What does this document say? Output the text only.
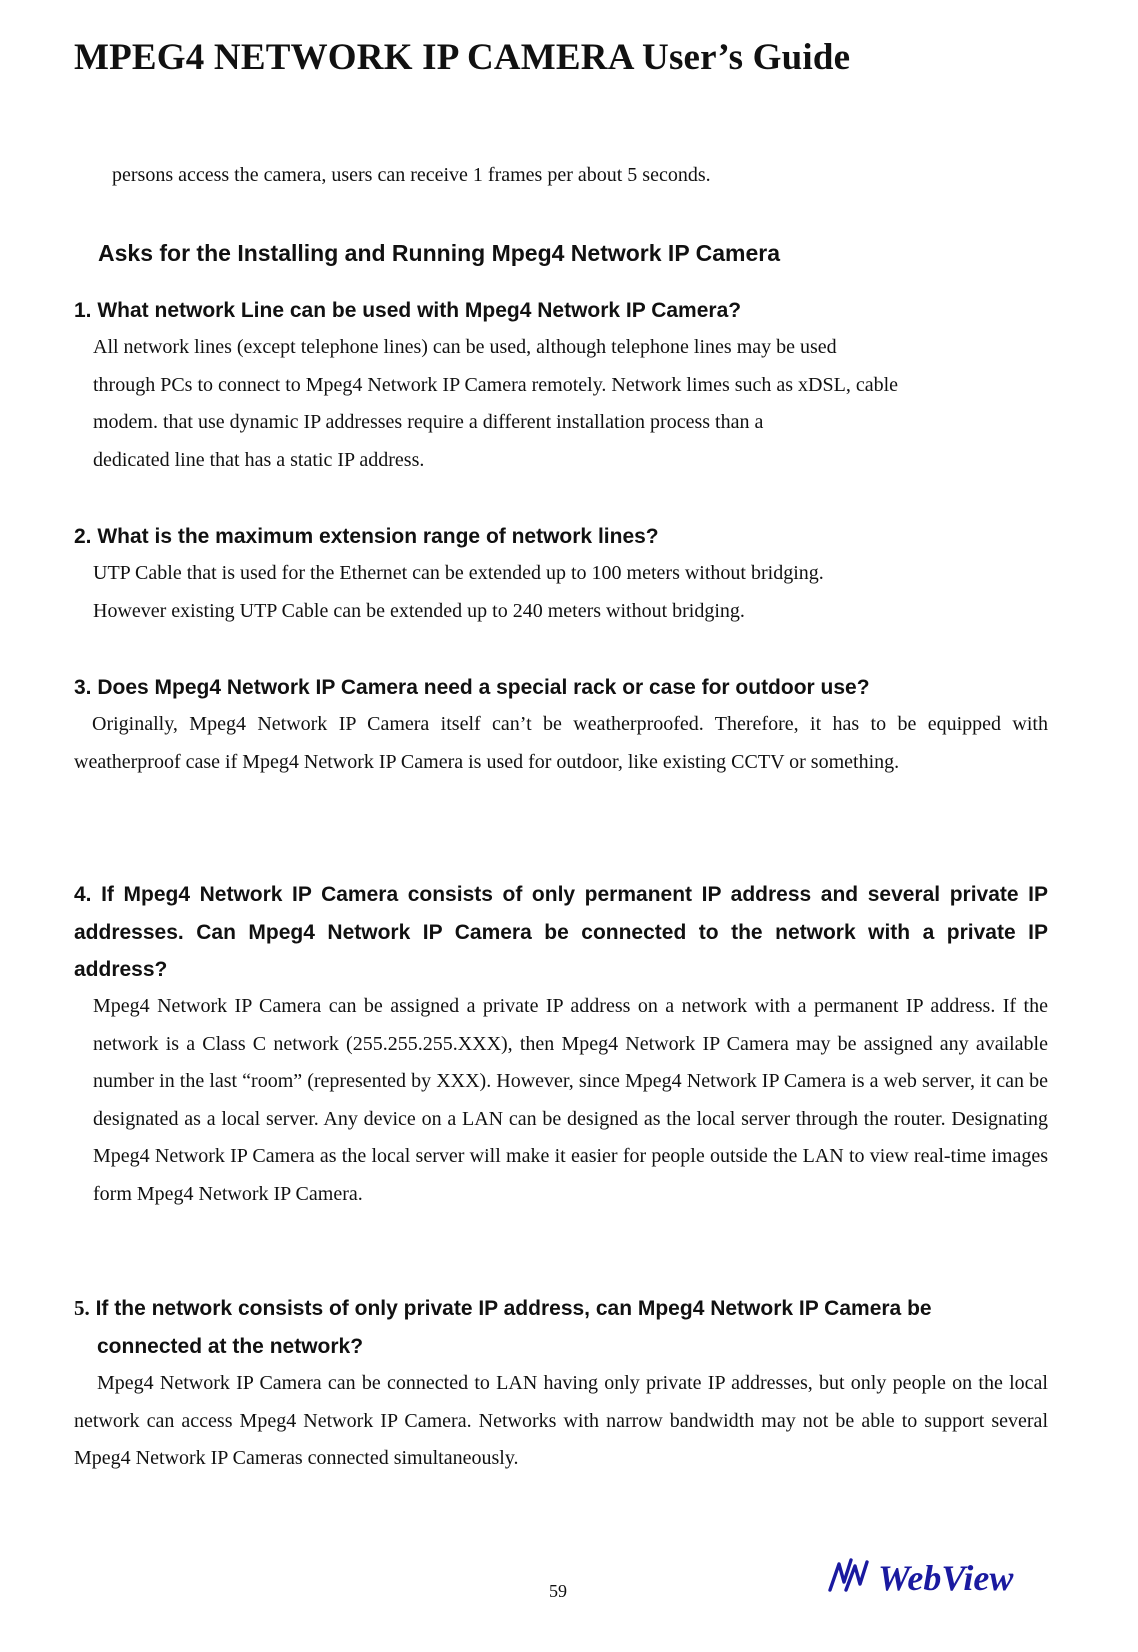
MPEG4 NETWORK IP CAMERA User’s Guide
persons access the camera, users can receive 1 frames per about 5 seconds.
Asks for the Installing and Running Mpeg4 Network IP Camera
1. What network Line can be used with Mpeg4 Network IP Camera?
All network lines (except telephone lines) can be used, although telephone lines may be used
through PCs to connect to Mpeg4 Network IP Camera remotely. Network limes such as xDSL, cable
modem. that use dynamic IP addresses require a different installation process than a
dedicated line that has a static IP address.
2. What is the maximum extension range of network lines?
UTP Cable that is used for the Ethernet can be extended up to 100 meters without bridging.
However existing UTP Cable can be extended up to 240 meters without bridging.
3. Does Mpeg4 Network IP Camera need a special rack or case for outdoor use?
Originally, Mpeg4 Network IP Camera itself can’t be weatherproofed. Therefore, it has to be equipped with weatherproof case if Mpeg4 Network IP Camera is used for outdoor, like existing CCTV or something.
4. If Mpeg4 Network IP Camera consists of only permanent IP address and several private IP addresses. Can Mpeg4 Network IP Camera be connected to the network with a private IP address?
Mpeg4 Network IP Camera can be assigned a private IP address on a network with a permanent IP address. If the network is a Class C network (255.255.255.XXX), then Mpeg4 Network IP Camera may be assigned any available number in the last “room” (represented by XXX). However, since Mpeg4 Network IP Camera is a web server, it can be designated as a local server. Any device on a LAN can be designed as the local server through the router. Designating Mpeg4 Network IP Camera as the local server will make it easier for people outside the LAN to view real-time images form Mpeg4 Network IP Camera.
5. If the network consists of only private IP address, can Mpeg4 Network IP Camera be
connected at the network?
Mpeg4 Network IP Camera can be connected to LAN having only private IP addresses, but only people on the local network can access Mpeg4 Network IP Camera. Networks with narrow bandwidth may not be able to support several Mpeg4 Network IP Cameras connected simultaneously.
59	WebView
